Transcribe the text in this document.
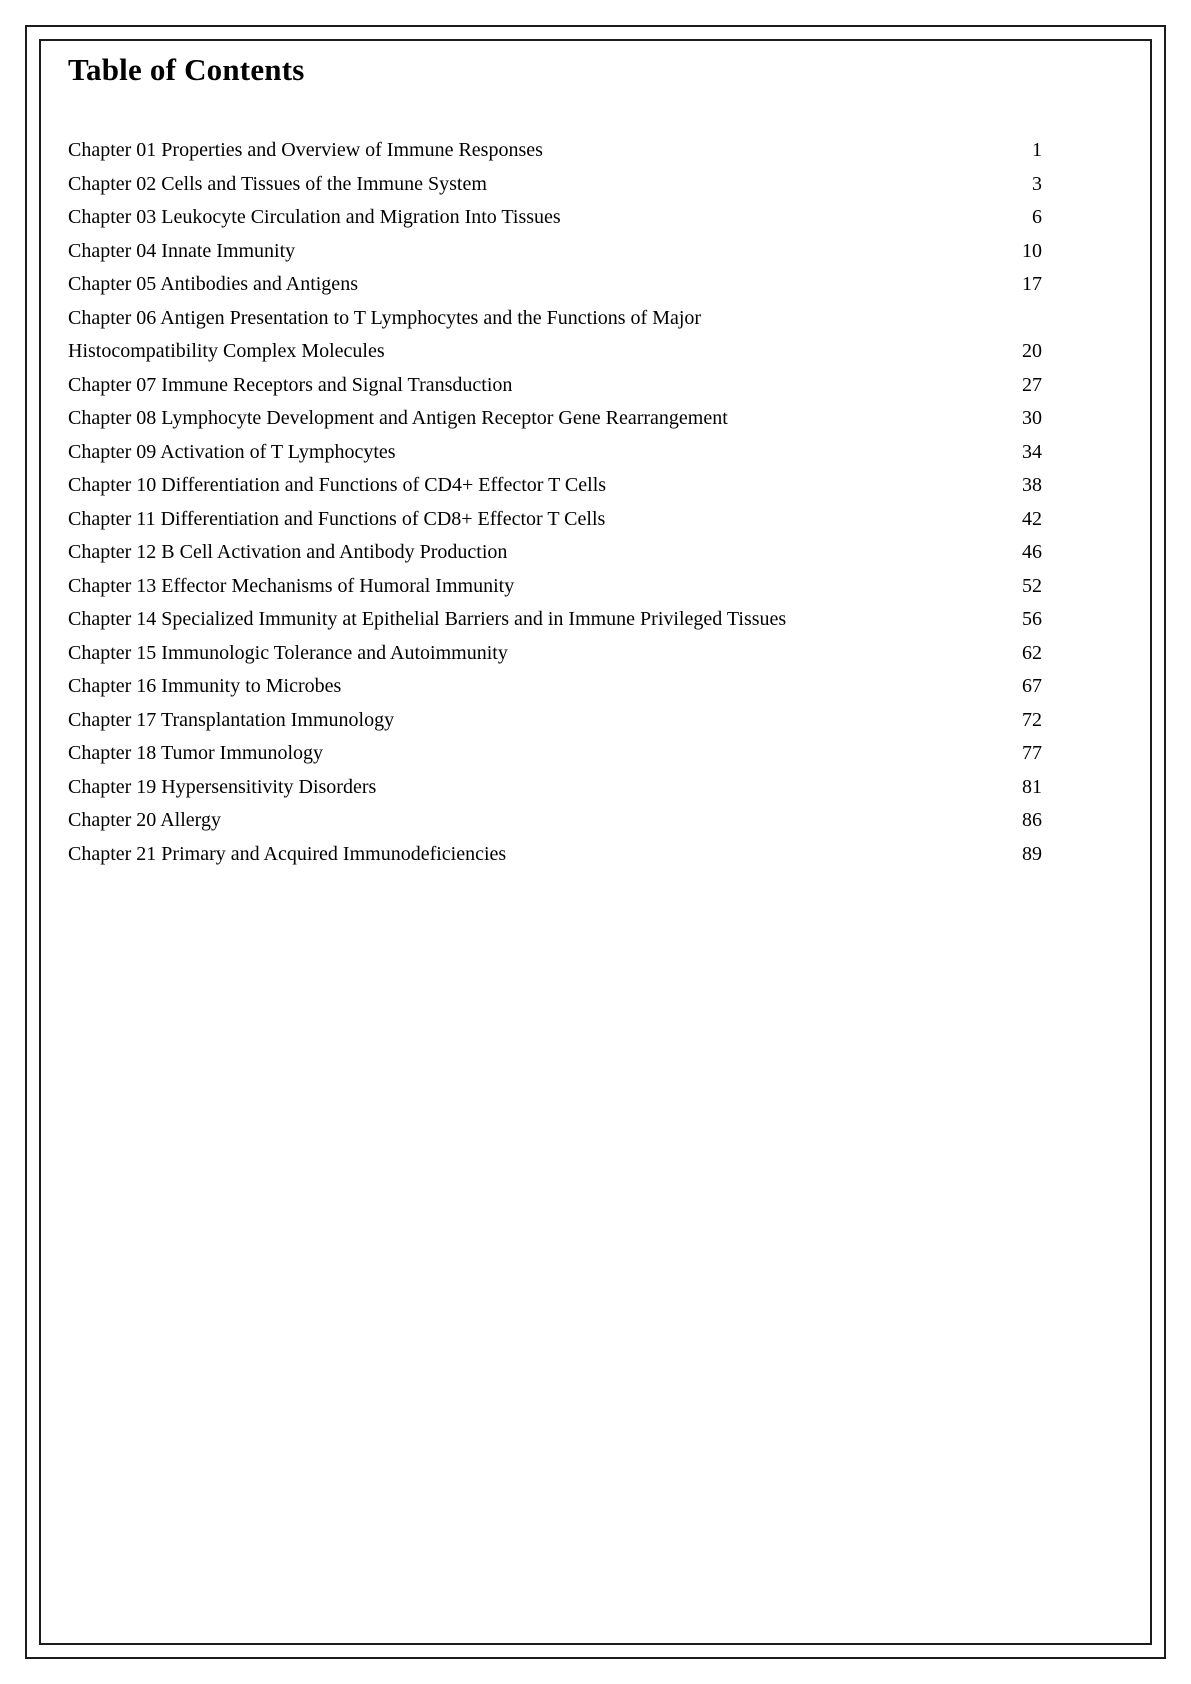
Table of Contents
Chapter 01 Properties and Overview of Immune Responses	1
Chapter 02 Cells and Tissues of the Immune System	3
Chapter 03 Leukocyte Circulation and Migration Into Tissues	6
Chapter 04 Innate Immunity	10
Chapter 05 Antibodies and Antigens	17
Chapter 06 Antigen Presentation to T Lymphocytes and the Functions of Major
Histocompatibility Complex Molecules	20
Chapter 07 Immune Receptors and Signal Transduction	27
Chapter 08 Lymphocyte Development and Antigen Receptor Gene Rearrangement	30
Chapter 09 Activation of T Lymphocytes	34
Chapter 10 Differentiation and Functions of CD4+ Effector T Cells	38
Chapter 11 Differentiation and Functions of CD8+ Effector T Cells	42
Chapter 12 B Cell Activation and Antibody Production	46
Chapter 13 Effector Mechanisms of Humoral Immunity	52
Chapter 14 Specialized Immunity at Epithelial Barriers and in Immune Privileged Tissues	56
Chapter 15 Immunologic Tolerance and Autoimmunity	62
Chapter 16 Immunity to Microbes	67
Chapter 17 Transplantation Immunology	72
Chapter 18 Tumor Immunology	77
Chapter 19 Hypersensitivity Disorders	81
Chapter 20 Allergy	86
Chapter 21 Primary and Acquired Immunodeficiencies	89
